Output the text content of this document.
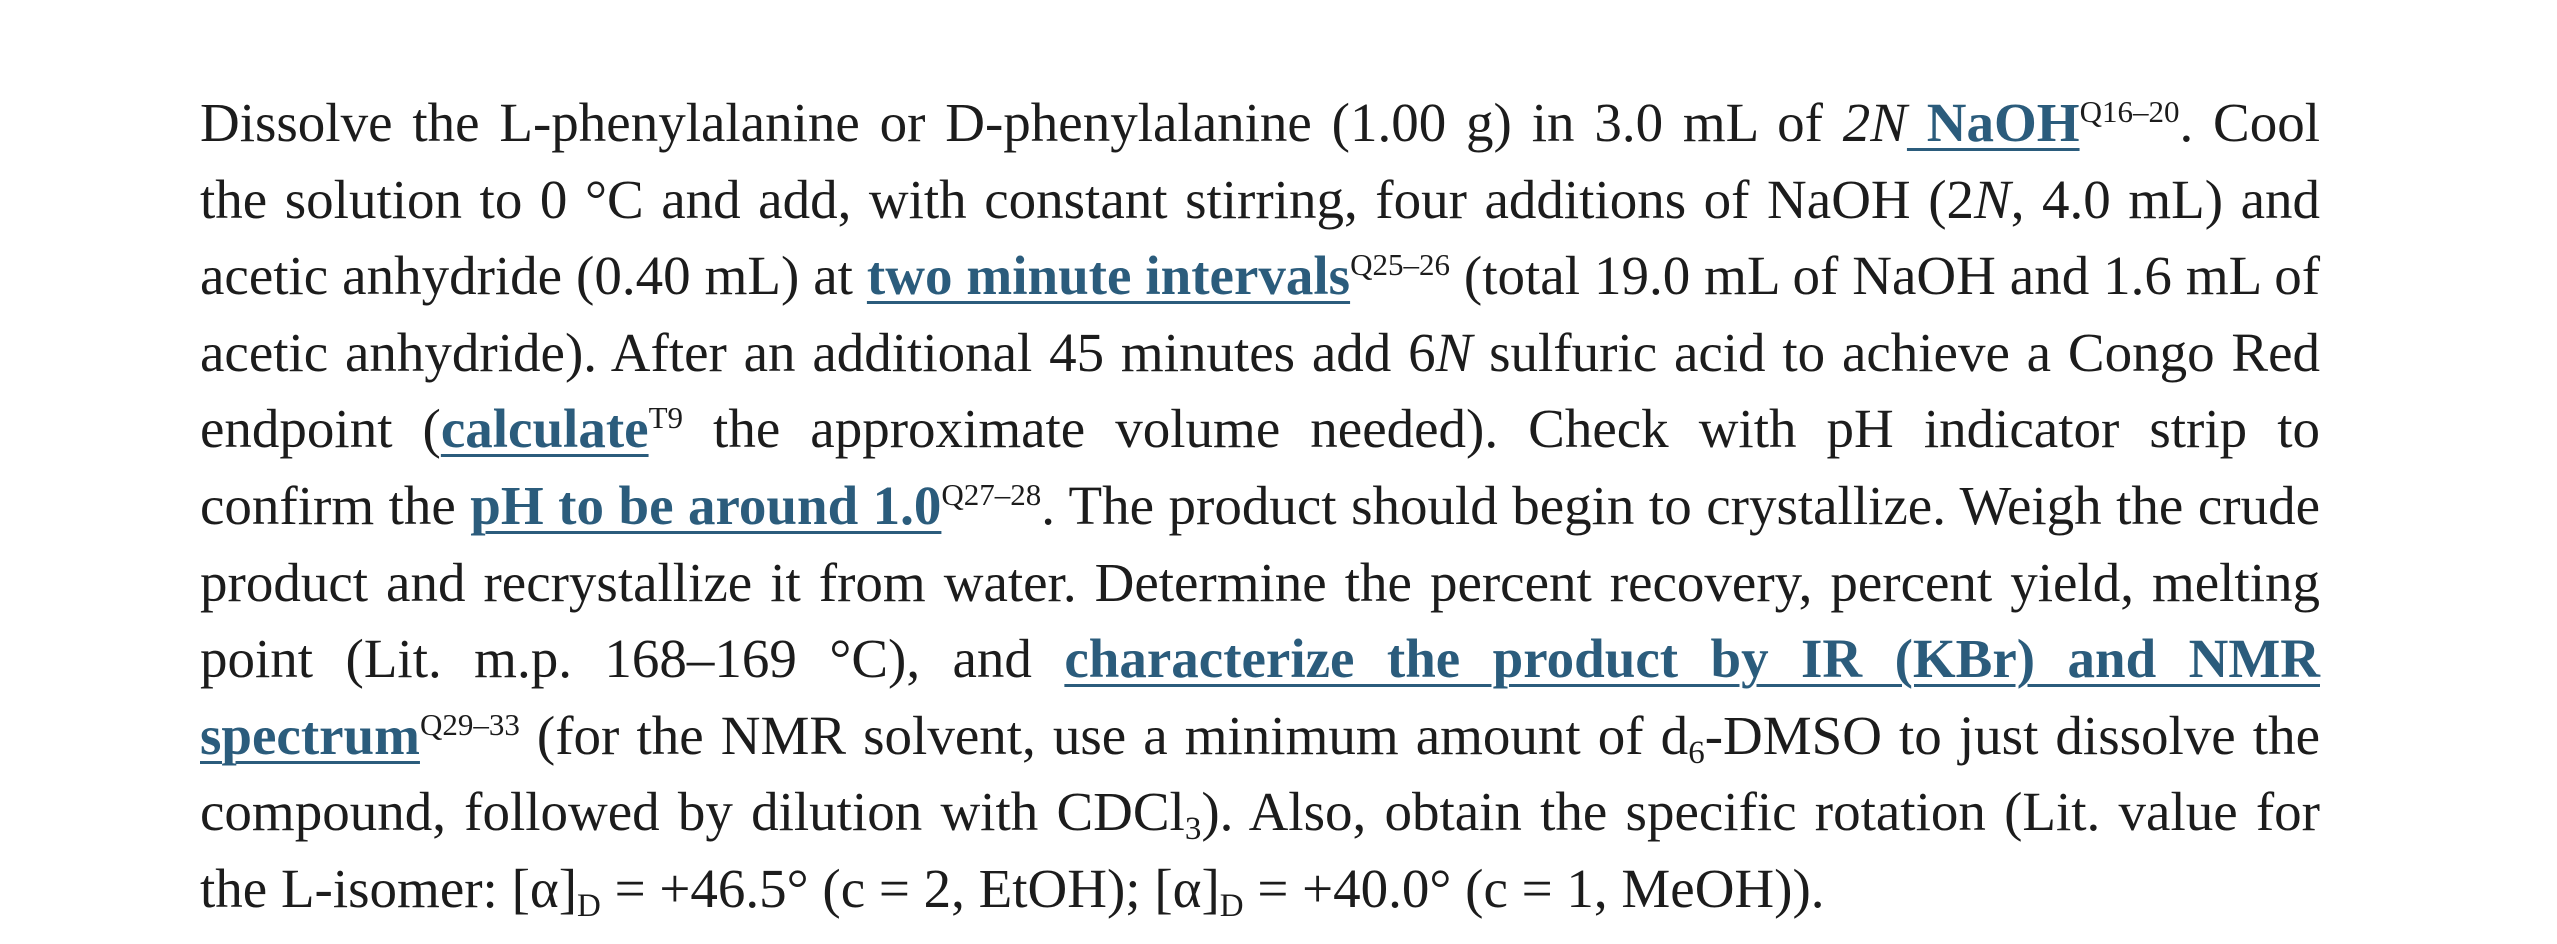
Dissolve the L-phenylalanine or D-phenylalanine (1.00 g) in 3.0 mL of 2N NaOH$^{Q16-20}$. Cool the solution to 0 °C and add, with constant stirring, four additions of NaOH (2N, 4.0 mL) and acetic anhydride (0.40 mL) at two minute intervals$^{Q25-26}$ (total 19.0 mL of NaOH and 1.6 mL of acetic anhydride). After an additional 45 minutes add 6N sulfuric acid to achieve a Congo Red endpoint (calculate$^{T9}$ the approximate volume needed). Check with pH indicator strip to confirm the pH to be around 1.0$^{Q27-28}$. The product should begin to crystallize. Weigh the crude product and recrystallize it from water. Determine the percent recovery, percent yield, melting point (Lit. m.p. 168–169 °C), and characterize the product by IR (KBr) and NMR spectrum$^{Q29-33}$ (for the NMR solvent, use a minimum amount of $d_6$-DMSO to just dissolve the compound, followed by dilution with CDCl$_3$). Also, obtain the specific rotation (Lit. value for the L-isomer: $[\alpha]_D = +46.5^\circ$ (c = 2, EtOH); $[\alpha]_D = +40.0^\circ$ (c = 1, MeOH)).
